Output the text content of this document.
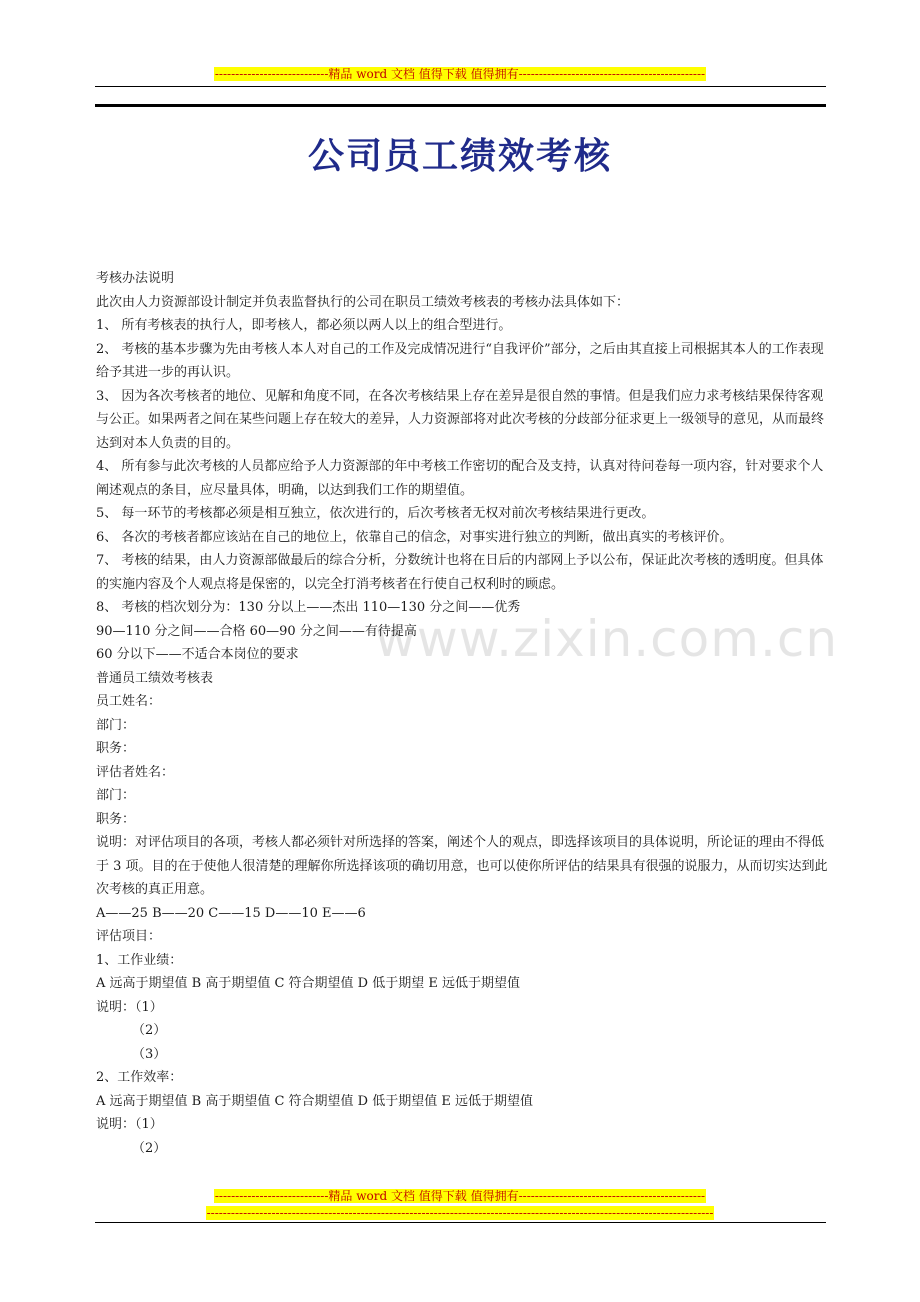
----------------------------精品 word 文档 值得下载 值得拥有----------------------------------------------
公司员工绩效考核
www.zixin.com.cn

考核办法说明

此次由人力资源部设计制定并负表监督执行的公司在职员工绩效考核表的考核办法具体如下：

1、 所有考核表的执行人，即考核人，都必须以两人以上的组合型进行。

2、 考核的基本步骤为先由考核人本人对自己的工作及完成情况进行“自我评价”部分，之后由其直接上司根据其本人的工作表现给予其进一步的再认识。

3、 因为各次考核者的地位、见解和角度不同，在各次考核结果上存在差异是很自然的事情。但是我们应力求考核结果保待客观与公正。如果两者之间在某些问题上存在较大的差异，人力资源部将对此次考核的分歧部分征求更上一级领导的意见，从而最终达到对本人负责的目的。

4、 所有参与此次考核的人员都应给予人力资源部的年中考核工作密切的配合及支持，认真对待问卷每一项内容，针对要求个人阐述观点的条目，应尽量具体，明确，以达到我们工作的期望值。

5、 每一环节的考核都必须是相互独立，依次进行的，后次考核者无权对前次考核结果进行更改。

6、 各次的考核者都应该站在自己的地位上，依靠自己的信念，对事实进行独立的判断，做出真实的考核评价。

7、 考核的结果，由人力资源部做最后的综合分析，分数统计也将在日后的内部网上予以公布，保证此次考核的透明度。但具体的实施内容及个人观点将是保密的，以完全打消考核者在行使自己权利时的顾虑。

8、 考核的档次划分为：130 分以上——杰出 110—130 分之间——优秀

90—110 分之间——合格 60—90 分之间——有待提高

60 分以下——不适合本岗位的要求

普通员工绩效考核表

员工姓名：

部门：

职务：

评估者姓名：

部门：

职务：

说明：对评估项目的各项，考核人都必须针对所选择的答案，阐述个人的观点，即选择该项目的具体说明，所论证的理由不得低于 3 项。目的在于使他人很清楚的理解你所选择该项的确切用意，也可以使你所评估的结果具有很强的说服力，从而切实达到此次考核的真正用意。

A——25 B——20 C——15 D——10 E——6

评估项目：

1、工作业绩：

A 远高于期望值 B 高于期望值 C 符合期望值 D 低于期望 E 远低于期望值

说明：（1）

（2）

（3）

2、工作效率：

A 远高于期望值 B 高于期望值 C 符合期望值 D 低于期望值 E 远低于期望值

说明：（1）

（2）

----------------------------精品 word 文档 值得下载 值得拥有----------------------------------------------
-----------------------------------------------------------------------------------------------------------------------------
